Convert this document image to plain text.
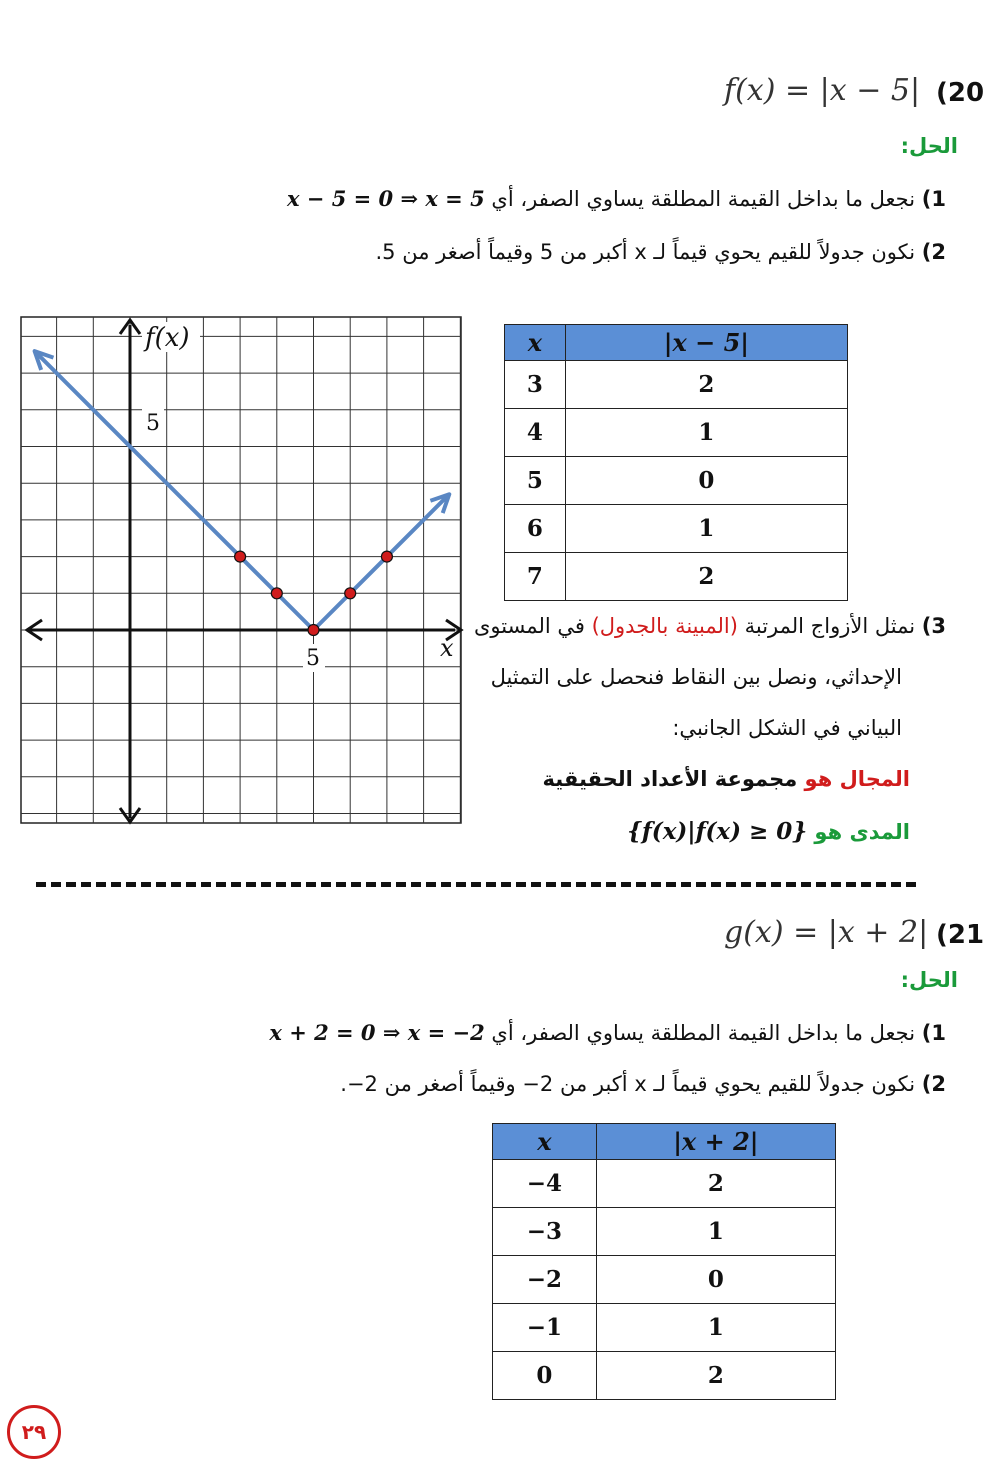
(20
f(x) = |x − 5|
الحل:
1) نجعل ما بداخل القيمة المطلقة يساوي الصفر، أي x − 5 = 0 ⇒ x = 5
2) نكون جدولاً للقيم يحوي قيماً لـ x أكبر من 5 وقيماً أصغر من 5.
f(x)
5
5	x
x	|x − 5|
3	2
4	1
5	0
6	1
7	2
3) نمثل الأزواج المرتبة (المبينة بالجدول) في المستوى
الإحداثي، ونصل بين النقاط فنحصل على التمثيل
البياني في الشكل الجانبي:
المجال هو مجموعة الأعداد الحقيقية
المدى هو {f(x)|f(x) ≥ 0}
(21
g(x) = |x + 2|
الحل:
1) نجعل ما بداخل القيمة المطلقة يساوي الصفر، أي x + 2 = 0 ⇒ x = −2
2) نكون جدولاً للقيم يحوي قيماً لـ x أكبر من 2− وقيماً أصغر من 2−.
x	|x + 2|
−4	2
−3	1
−2	0
−1	1
0	2
٢٩
